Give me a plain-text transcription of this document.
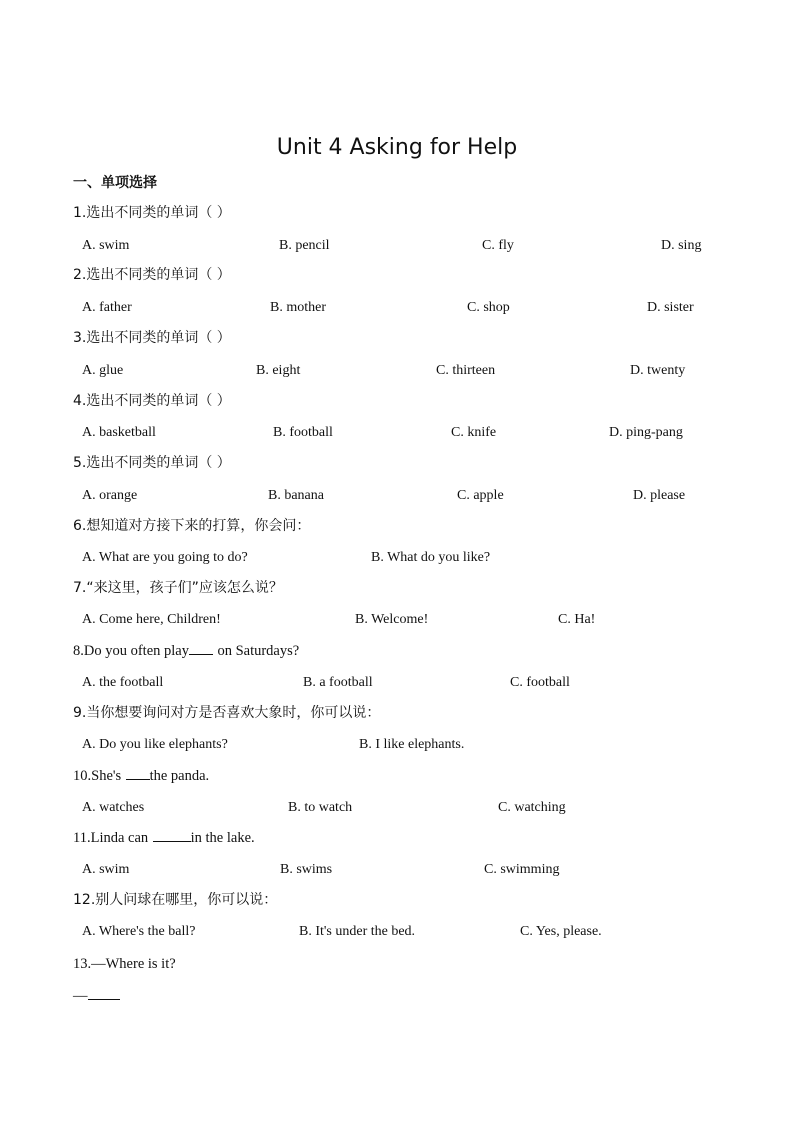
Unit 4 Asking for Help
一、单项选择
1.选出不同类的单词（ ）
A. swim	B. pencil	C. fly	D. sing
2.选出不同类的单词（ ）
A. father	B. mother	C. shop	D. sister
3.选出不同类的单词（ ）
A. glue	B. eight	C. thirteen	D. twenty
4.选出不同类的单词（ ）
A. basketball	B. football	C. knife	D. ping-pang
5.选出不同类的单词（ ）
A. orange	B. banana	C. apple	D. please
6.想知道对方接下来的打算，你会问：
A. What are you going to do?	B. What do you like?
7.“来这里，孩子们”应该怎么说？
A. Come here, Children!	B. Welcome!	C. Ha!
8.Do you often play on Saturdays?
A. the football	B. a football	C. football
9.当你想要询问对方是否喜欢大象时，你可以说：
A. Do you like elephants?	B. I like elephants.
10.She's the panda.
A. watches	B. to watch	C. watching
11.Linda can	in the lake.
A. swim	B. swims	C. swimming
12.别人问球在哪里，你可以说：
A. Where's the ball?	B. It's under the bed.	C. Yes, please.
13.—Where is it?
—
